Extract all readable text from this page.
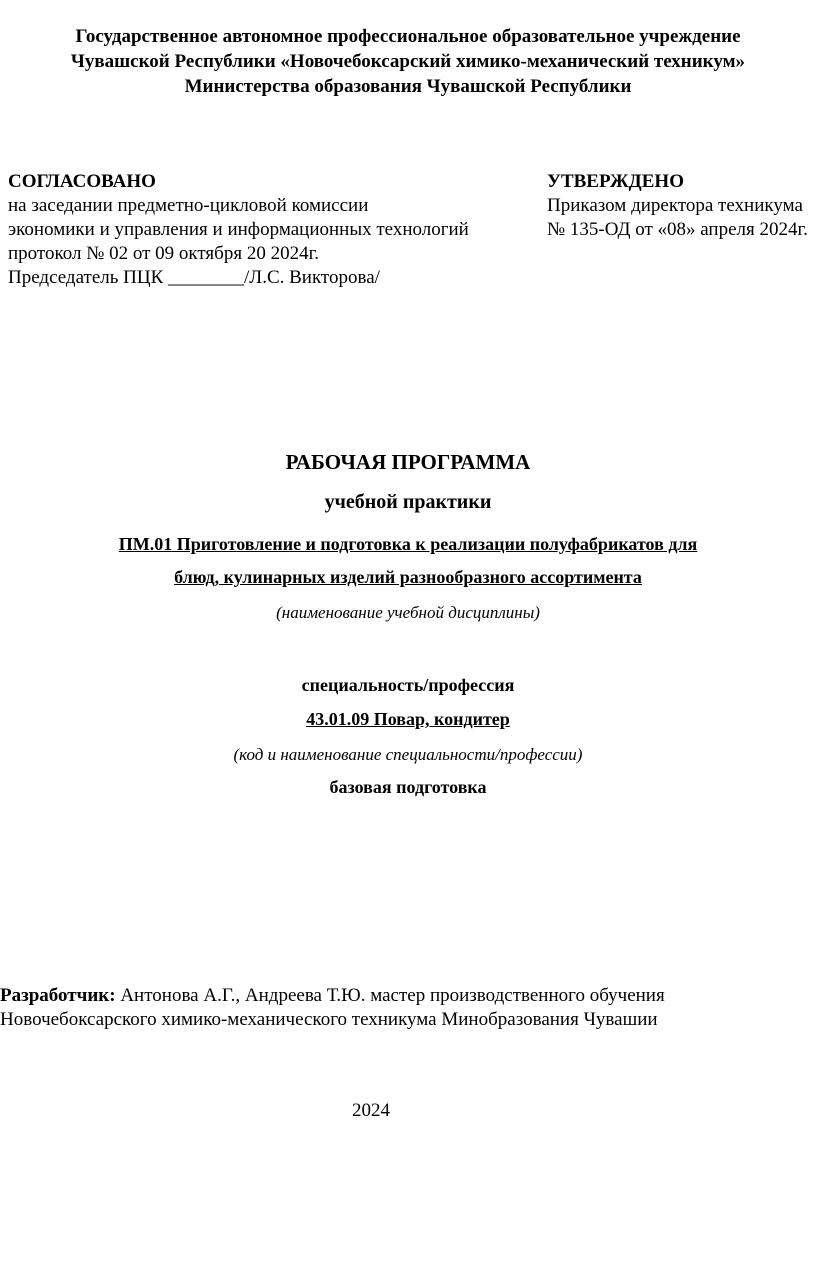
Государственное автономное профессиональное образовательное учреждение
Чувашской Республики «Новочебоксарский химико-механический техникум»
Министерства образования Чувашской Республики
СОГЛАСОВАНО
на заседании предметно-цикловой комиссии
экономики и управления и информационных технологий
протокол № 02 от 09 октября 20 2024г.
Председатель ПЦК ________/Л.С. Викторова/
УТВЕРЖДЕНО
Приказом директора техникума
№ 135-ОД от «08» апреля 2024г.
РАБОЧАЯ ПРОГРАММА
учебной практики
ПМ.01 Приготовление и подготовка к реализации полуфабрикатов для
блюд, кулинарных изделий разнообразного ассортимента
(наименование учебной дисциплины)
специальность/профессия
43.01.09 Повар, кондитер
(код и наименование специальности/профессии)
базовая подготовка
Разработчик: Антонова А.Г., Андреева Т.Ю. мастер производственного обучения
Новочебоксарского химико-механического техникума Минобразования Чувашии
2024
